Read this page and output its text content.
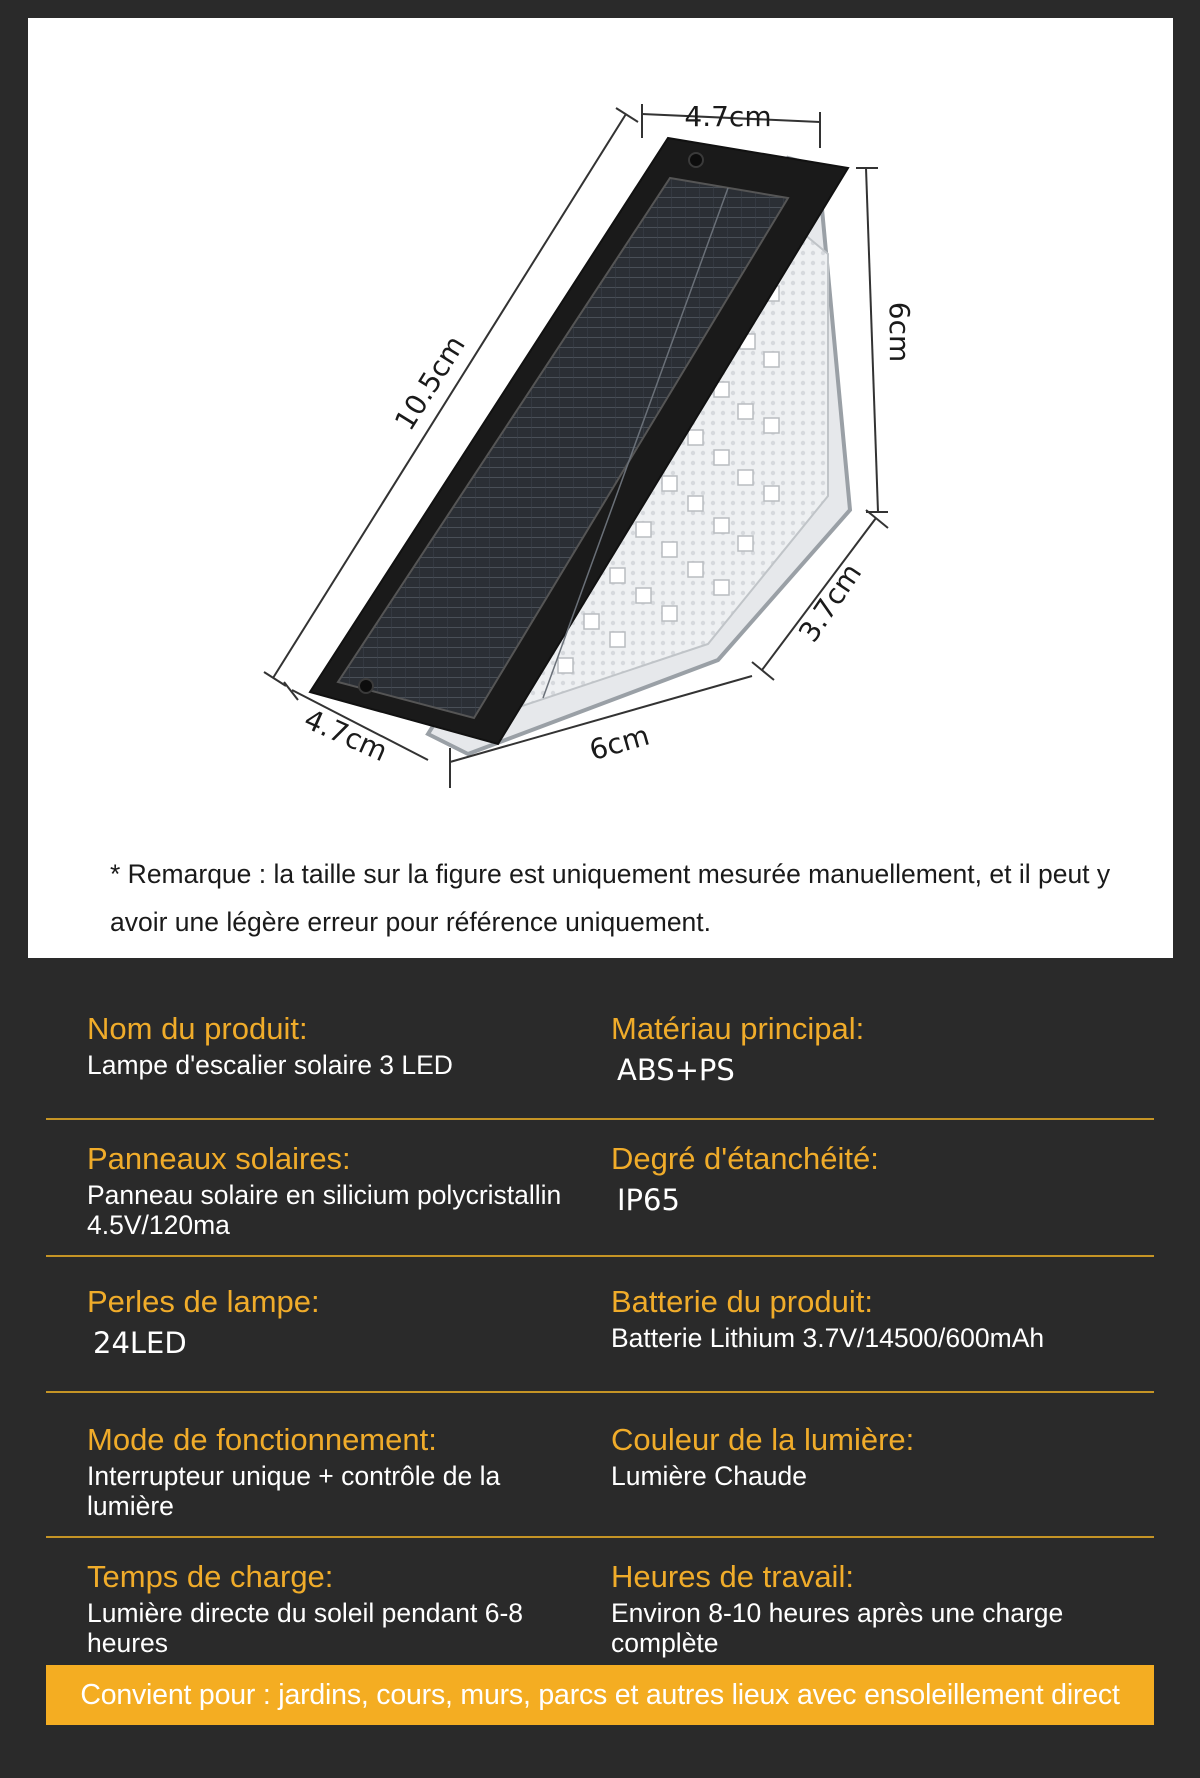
4.7cm
6cm
10.5cm
3.7cm
6cm
4.7cm

* Remarque : la taille sur la figure est uniquement mesurée manuellement, et il peut y avoir une légère erreur pour référence uniquement.

Nom du produit:
Lampe d'escalier solaire 3 LED
Matériau principal:
ABS+PS
Panneaux solaires:
Panneau solaire en silicium polycristallin 4.5V/120ma
Degré d'étanchéité:
IP65
Perles de lampe:
24LED
Batterie du produit:
Batterie Lithium 3.7V/14500/600mAh
Mode de fonctionnement:
Interrupteur unique + contrôle de la lumière
Couleur de la lumière:
Lumière Chaude
Temps de charge:
Lumière directe du soleil pendant 6-8 heures
Heures de travail:
Environ 8-10 heures après une charge complète
Convient pour : jardins, cours, murs, parcs et autres lieux avec ensoleillement direct
